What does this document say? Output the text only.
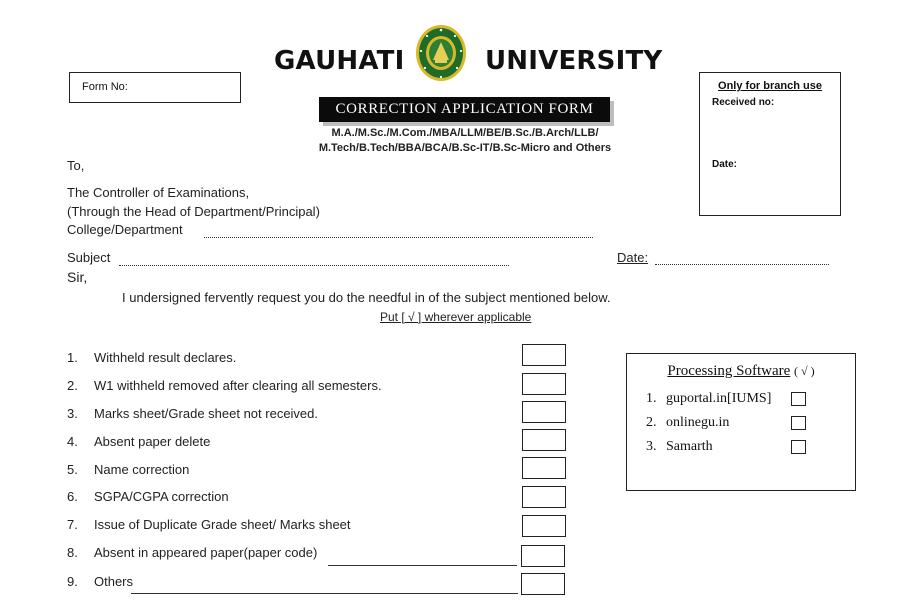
GAUHATI	UNIVERSITY
Form No:	Only for branch use
Received no:
Date:
CORRECTION APPLICATION FORM
M.A./M.Sc./M.Com./MBA/LLM/BE/B.Sc./B.Arch/LLB/
M.Tech/B.Tech/BBA/BCA/B.Sc-IT/B.Sc-Micro and Others
To,
The Controller of Examinations,
(Through the Head of Department/Principal)
College/Department
Subject	Date:
Sir,
I undersigned fervently request you do the needful in of the subject mentioned below.
Put [ √ ] wherever applicable
1. Withheld result declares.
2. W1 withheld removed after clearing all semesters.
3. Marks sheet/Grade sheet not received.
4. Absent paper delete
5. Name correction
6. SGPA/CGPA correction
7. Issue of Duplicate Grade sheet/ Marks sheet
8. Absent in appeared paper(paper code)
9. Others
Processing Software ( √ )
1. guportal.in[IUMS]
2. onlinegu.in
3. Samarth
